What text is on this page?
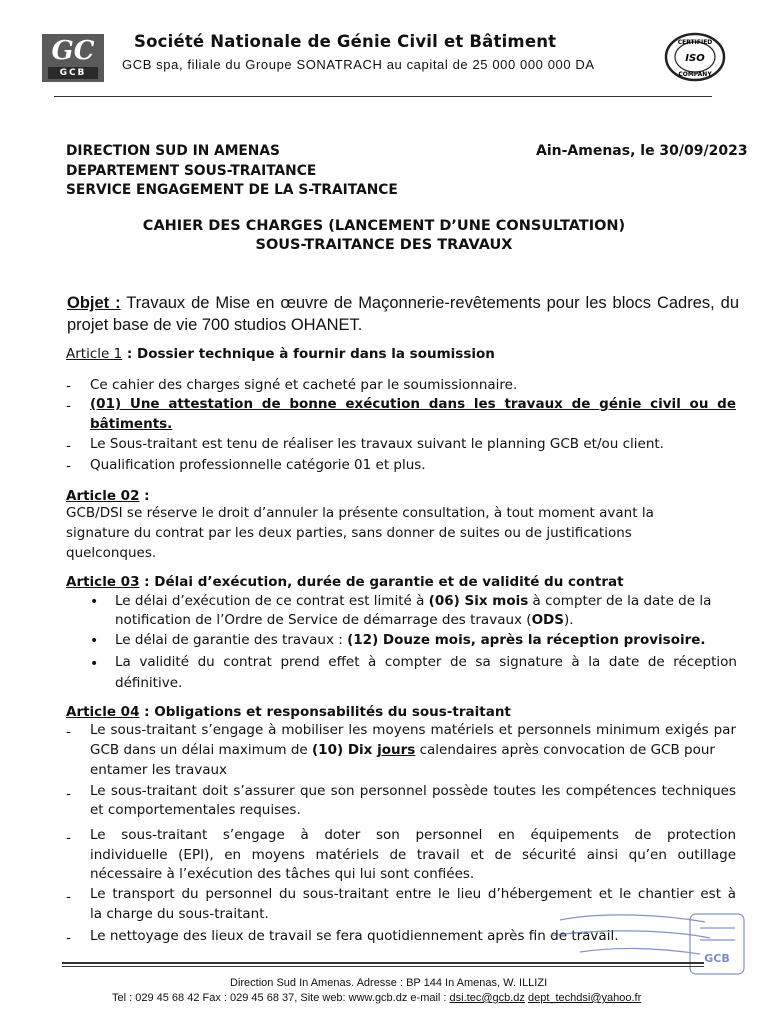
GC
GCB
Société Nationale de Génie Civil et Bâtiment
GCB spa, filiale du Groupe SONATRACH au capital de 25 000 000 000 DA
CERTIFIED
ISO
COMPANY
DIRECTION SUD IN AMENAS
DEPARTEMENT SOUS-TRAITANCE
SERVICE ENGAGEMENT DE LA S-TRAITANCE
Ain-Amenas, le 30/09/2023
CAHIER DES CHARGES (LANCEMENT D’UNE CONSULTATION)
SOUS-TRAITANCE DES TRAVAUX
Objet : Travaux de Mise en œuvre de Maçonnerie-revêtements pour les blocs Cadres, du projet base de vie 700 studios OHANET.
Article 1 : Dossier technique à fournir dans la soumission
- Ce cahier des charges signé et cacheté par le soumissionnaire.
- (01) Une attestation de bonne exécution dans les travaux de génie civil ou de
bâtiments.
- Le Sous-traitant est tenu de réaliser les travaux suivant le planning GCB et/ou client.
- Qualification professionnelle catégorie 01 et plus.
Article 02 :
GCB/DSI se réserve le droit d’annuler la présente consultation, à tout moment avant la
signature du contrat par les deux parties, sans donner de suites ou de justifications
quelconques.
Article 03 : Délai d’exécution, durée de garantie et de validité du contrat
• Le délai d’exécution de ce contrat est limité à (06) Six mois à compter de la date de la
notification de l’Ordre de Service de démarrage des travaux (ODS).
• Le délai de garantie des travaux : (12) Douze mois, après la réception provisoire.
• La validité du contrat prend effet à compter de sa signature à la date de réception
définitive.
Article 04 : Obligations et responsabilités du sous-traitant
- Le sous-traitant s’engage à mobiliser les moyens matériels et personnels minimum exigés par
GCB dans un délai maximum de (10) Dix jours calendaires après convocation de GCB pour
entamer les travaux
- Le sous-traitant doit s’assurer que son personnel possède toutes les compétences techniques
et comportementales requises.
- Le sous-traitant s’engage à doter son personnel en équipements de protection
individuelle (EPI), en moyens matériels de travail et de sécurité ainsi qu’en outillage
nécessaire à l’exécution des tâches qui lui sont confiées.
- Le transport du personnel du sous-traitant entre le lieu d’hébergement et le chantier est à
la charge du sous-traitant.
- Le nettoyage des lieux de travail se fera quotidiennement après fin de travail.
GCB
Direction Sud In Amenas. Adresse : BP 144 In Amenas, W. ILLIZI
Tel : 029 45 68 42 Fax : 029 45 68 37, Site web: www.gcb.dz e-mail : dsi.tec@gcb.dz dept_techdsi@yahoo.fr
